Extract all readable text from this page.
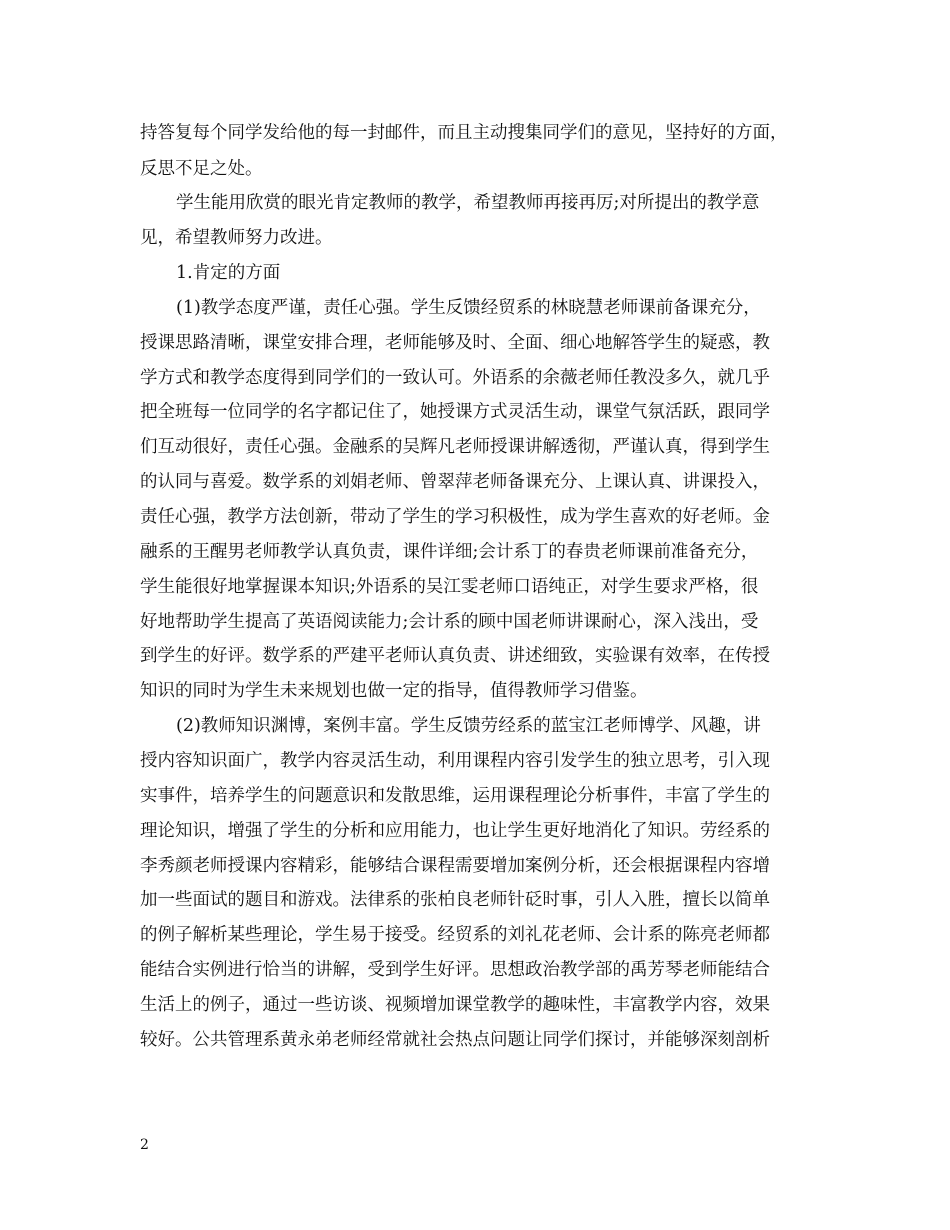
持答复每个同学发给他的每一封邮件，而且主动搜集同学们的意见，坚持好的方面，
反思不足之处。
学生能用欣赏的眼光肯定教师的教学，希望教师再接再厉;对所提出的教学意
见，希望教师努力改进。
1.肯定的方面
(1)教学态度严谨，责任心强。学生反馈经贸系的林晓慧老师课前备课充分，
授课思路清晰，课堂安排合理，老师能够及时、全面、细心地解答学生的疑惑，教
学方式和教学态度得到同学们的一致认可。外语系的余薇老师任教没多久，就几乎
把全班每一位同学的名字都记住了，她授课方式灵活生动，课堂气氛活跃，跟同学
们互动很好，责任心强。金融系的吴辉凡老师授课讲解透彻，严谨认真，得到学生
的认同与喜爱。数学系的刘娟老师、曾翠萍老师备课充分、上课认真、讲课投入，
责任心强，教学方法创新，带动了学生的学习积极性，成为学生喜欢的好老师。金
融系的王醒男老师教学认真负责，课件详细;会计系丁的春贵老师课前准备充分，
学生能很好地掌握课本知识;外语系的吴江雯老师口语纯正，对学生要求严格，很
好地帮助学生提高了英语阅读能力;会计系的顾中国老师讲课耐心，深入浅出，受
到学生的好评。数学系的严建平老师认真负责、讲述细致，实验课有效率，在传授
知识的同时为学生未来规划也做一定的指导，值得教师学习借鉴。
(2)教师知识渊博，案例丰富。学生反馈劳经系的蓝宝江老师博学、风趣，讲
授内容知识面广，教学内容灵活生动，利用课程内容引发学生的独立思考，引入现
实事件，培养学生的问题意识和发散思维，运用课程理论分析事件，丰富了学生的
理论知识，增强了学生的分析和应用能力，也让学生更好地消化了知识。劳经系的
李秀颜老师授课内容精彩，能够结合课程需要增加案例分析，还会根据课程内容增
加一些面试的题目和游戏。法律系的张柏良老师针砭时事，引人入胜，擅长以简单
的例子解析某些理论，学生易于接受。经贸系的刘礼花老师、会计系的陈亮老师都
能结合实例进行恰当的讲解，受到学生好评。思想政治教学部的禹芳琴老师能结合
生活上的例子，通过一些访谈、视频增加课堂教学的趣味性，丰富教学内容，效果
较好。公共管理系黄永弟老师经常就社会热点问题让同学们探讨，并能够深刻剖析
2
